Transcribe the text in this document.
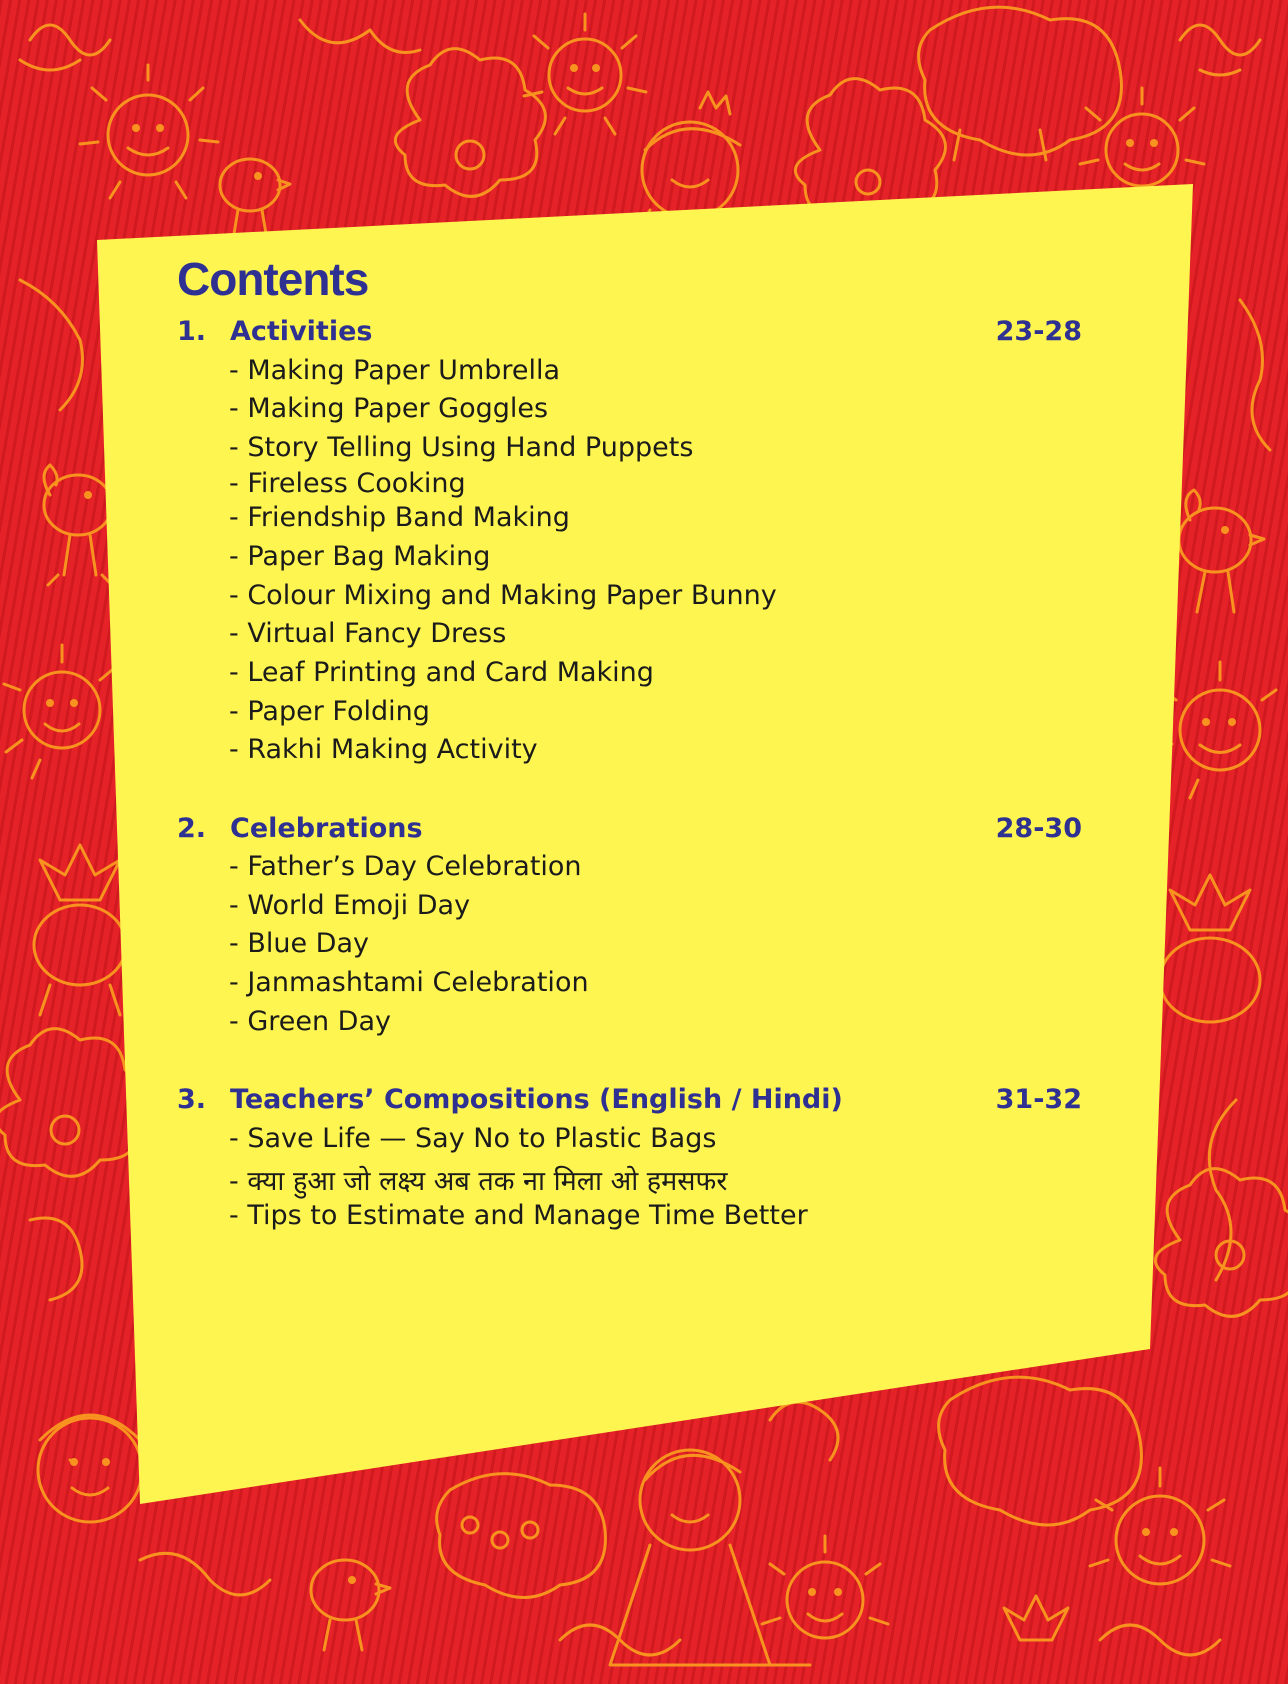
Contents
1. Activities	23-28
- Making Paper Umbrella
- Making Paper Goggles
- Story Telling Using Hand Puppets
- Fireless Cooking
- Friendship Band Making
- Paper Bag Making
- Colour Mixing and Making Paper Bunny
- Virtual Fancy Dress
- Leaf Printing and Card Making
- Paper Folding
- Rakhi Making Activity
2. Celebrations	28-30
- Father’s Day Celebration
- World Emoji Day
- Blue Day
- Janmashtami Celebration
- Green Day
3. Teachers’ Compositions (English / Hindi)	31-32
- Save Life — Say No to Plastic Bags
- क्या हुआ जो लक्ष्य अब तक ना मिला ओ हमसफर
- Tips to Estimate and Manage Time Better
